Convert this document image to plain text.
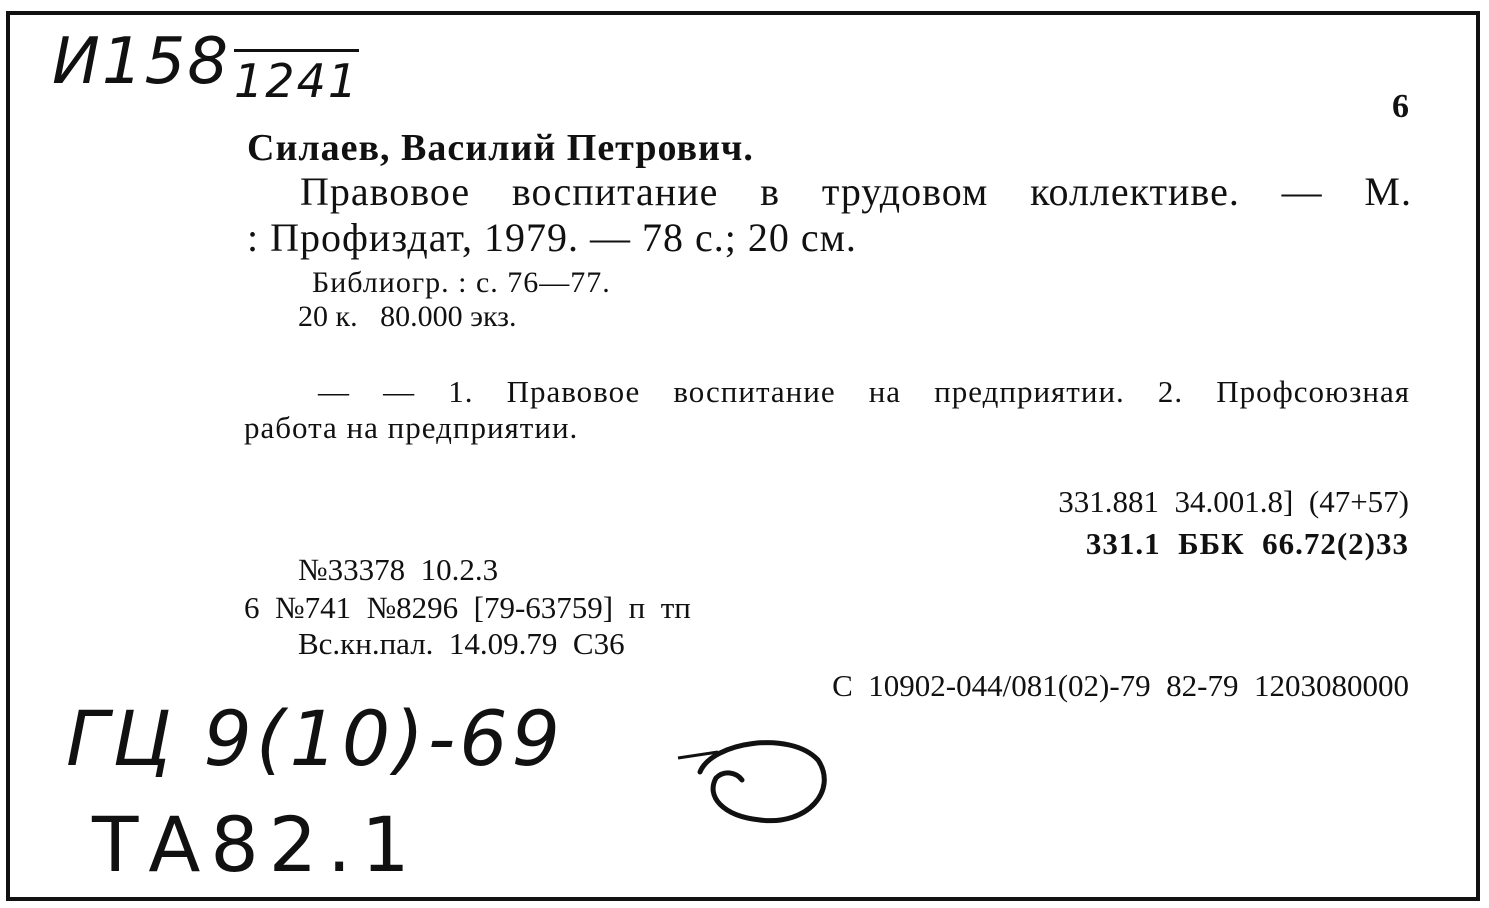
$И158_{1241}$	6
Силаев, Василий Петрович.
Правовое воспитание в трудовом коллективе. — М.
: Профиздат, 1979. — 78 с.; 20 см.
Библиогр. : с. 76—77.
20 к.   80.000 экз.
— — 1. Правовое воспитание на предприятии. 2. Профсоюзная
работа на предприятии.
331.881  34.001.8]  (47+57)
331.1  ББК  66.72(2)33
№33378  10.2.3
6  №741  №8296  [79-63759]  п  тп
Вс.кн.пал.  14.09.79  С36
С  10902-044/081(02)-79  82-79  1203080000
ГЦ 9(10)-69
ТА82.1
